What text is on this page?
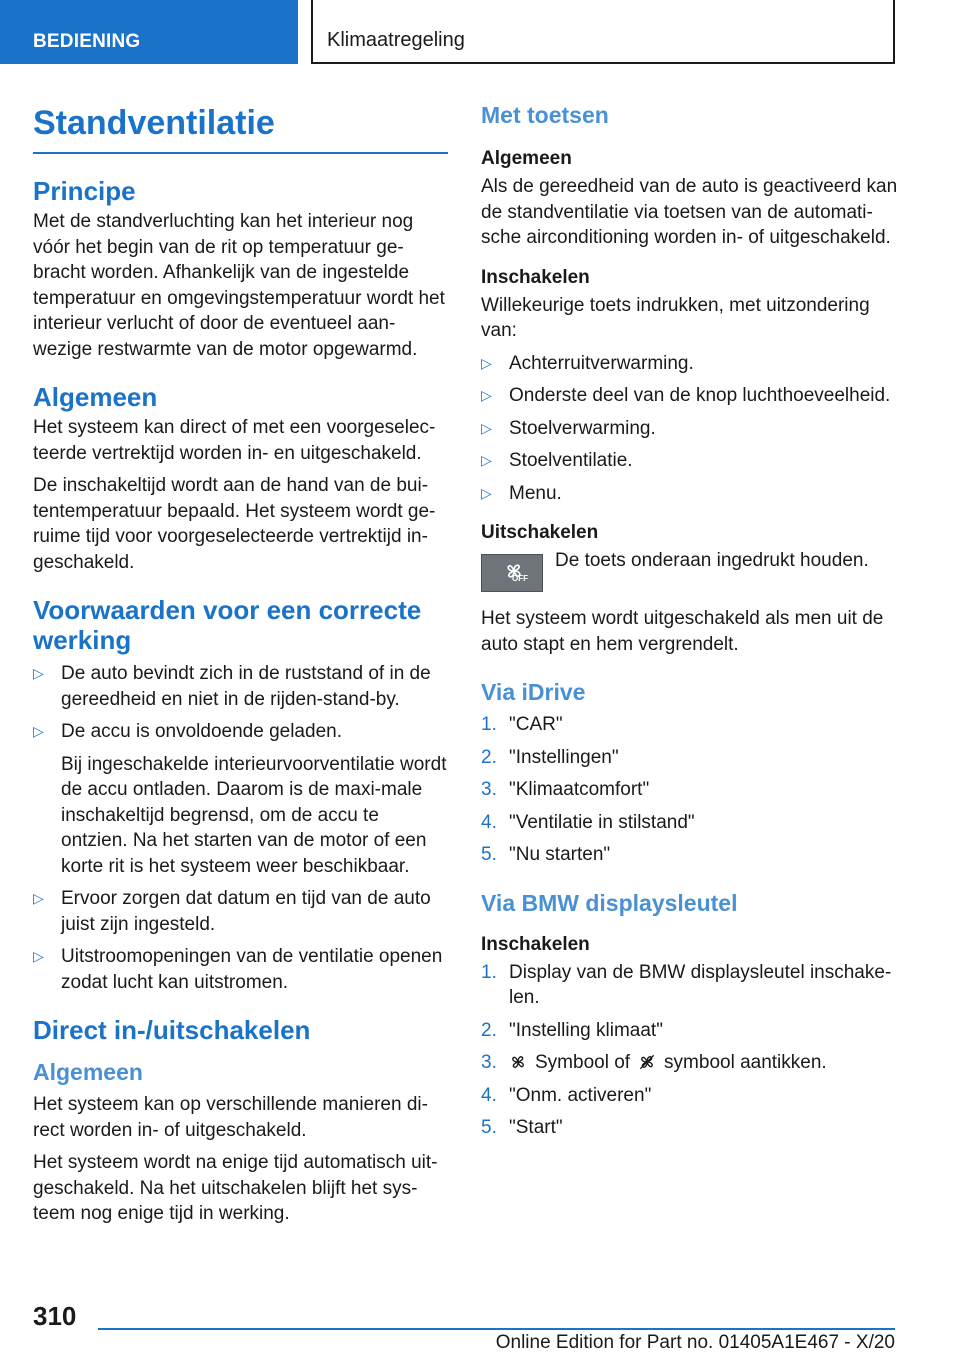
BEDIENING	Klimaatregeling
Standventilatie
Principe

Met de standverluchting kan het interieur nog vóór het begin van de rit op temperatuur ge-bracht worden. Afhankelijk van de ingestelde temperatuur en omgevingstemperatuur wordt het interieur verlucht of door de eventueel aan-wezige restwarmte van de motor opgewarmd.

Algemeen

Het systeem kan direct of met een voorgeselec-teerde vertrektijd worden in- en uitgeschakeld.

De inschakeltijd wordt aan de hand van de bui-tentemperatuur bepaald. Het systeem wordt ge-ruime tijd voor voorgeselecteerde vertrektijd in-geschakeld.

Voorwaarden voor een correcte werking
▷ De auto bevindt zich in de ruststand of in de gereedheid en niet in de rijden-stand-by.
▷ De accu is onvoldoende geladen.
Bij ingeschakelde interieurvoorventilatie wordt de accu ontladen. Daarom is de maxi-male inschakeltijd begrensd, om de accu te ontzien. Na het starten van de motor of een korte rit is het systeem weer beschikbaar.
▷ Ervoor zorgen dat datum en tijd van de auto juist zijn ingesteld.
▷ Uitstroomopeningen van de ventilatie openen zodat lucht kan uitstromen.
Direct in-/uitschakelen
Algemeen

Het systeem kan op verschillende manieren di-rect worden in- of uitgeschakeld.

Het systeem wordt na enige tijd automatisch uit-geschakeld. Na het uitschakelen blijft het sys-teem nog enige tijd in werking.

Met toetsen
Algemeen

Als de gereedheid van de auto is geactiveerd kan de standventilatie via toetsen van de automati-sche airconditioning worden in- of uitgeschakeld.

Inschakelen

Willekeurige toets indrukken, met uitzondering van:

▷ Achterruitverwarming.
▷ Onderste deel van de knop luchthoeveelheid.
▷ Stoelverwarming.
▷ Stoelventilatie.
▷ Menu.
Uitschakelen
OFF
De toets onderaan ingedrukt houden.

Het systeem wordt uitgeschakeld als men uit de auto stapt en hem vergrendelt.

Via iDrive
1. "CAR"
2. "Instellingen"
3. "Klimaatcomfort"
4. "Ventilatie in stilstand"
5. "Nu starten"
Via BMW displaysleutel
Inschakelen
1. Display van de BMW displaysleutel inschake-len.
2. "Instelling klimaat"
3. Symbool of symbool aantikken.
4. "Onm. activeren"
5. "Start"
310
Online Edition for Part no. 01405A1E467 - X/20
